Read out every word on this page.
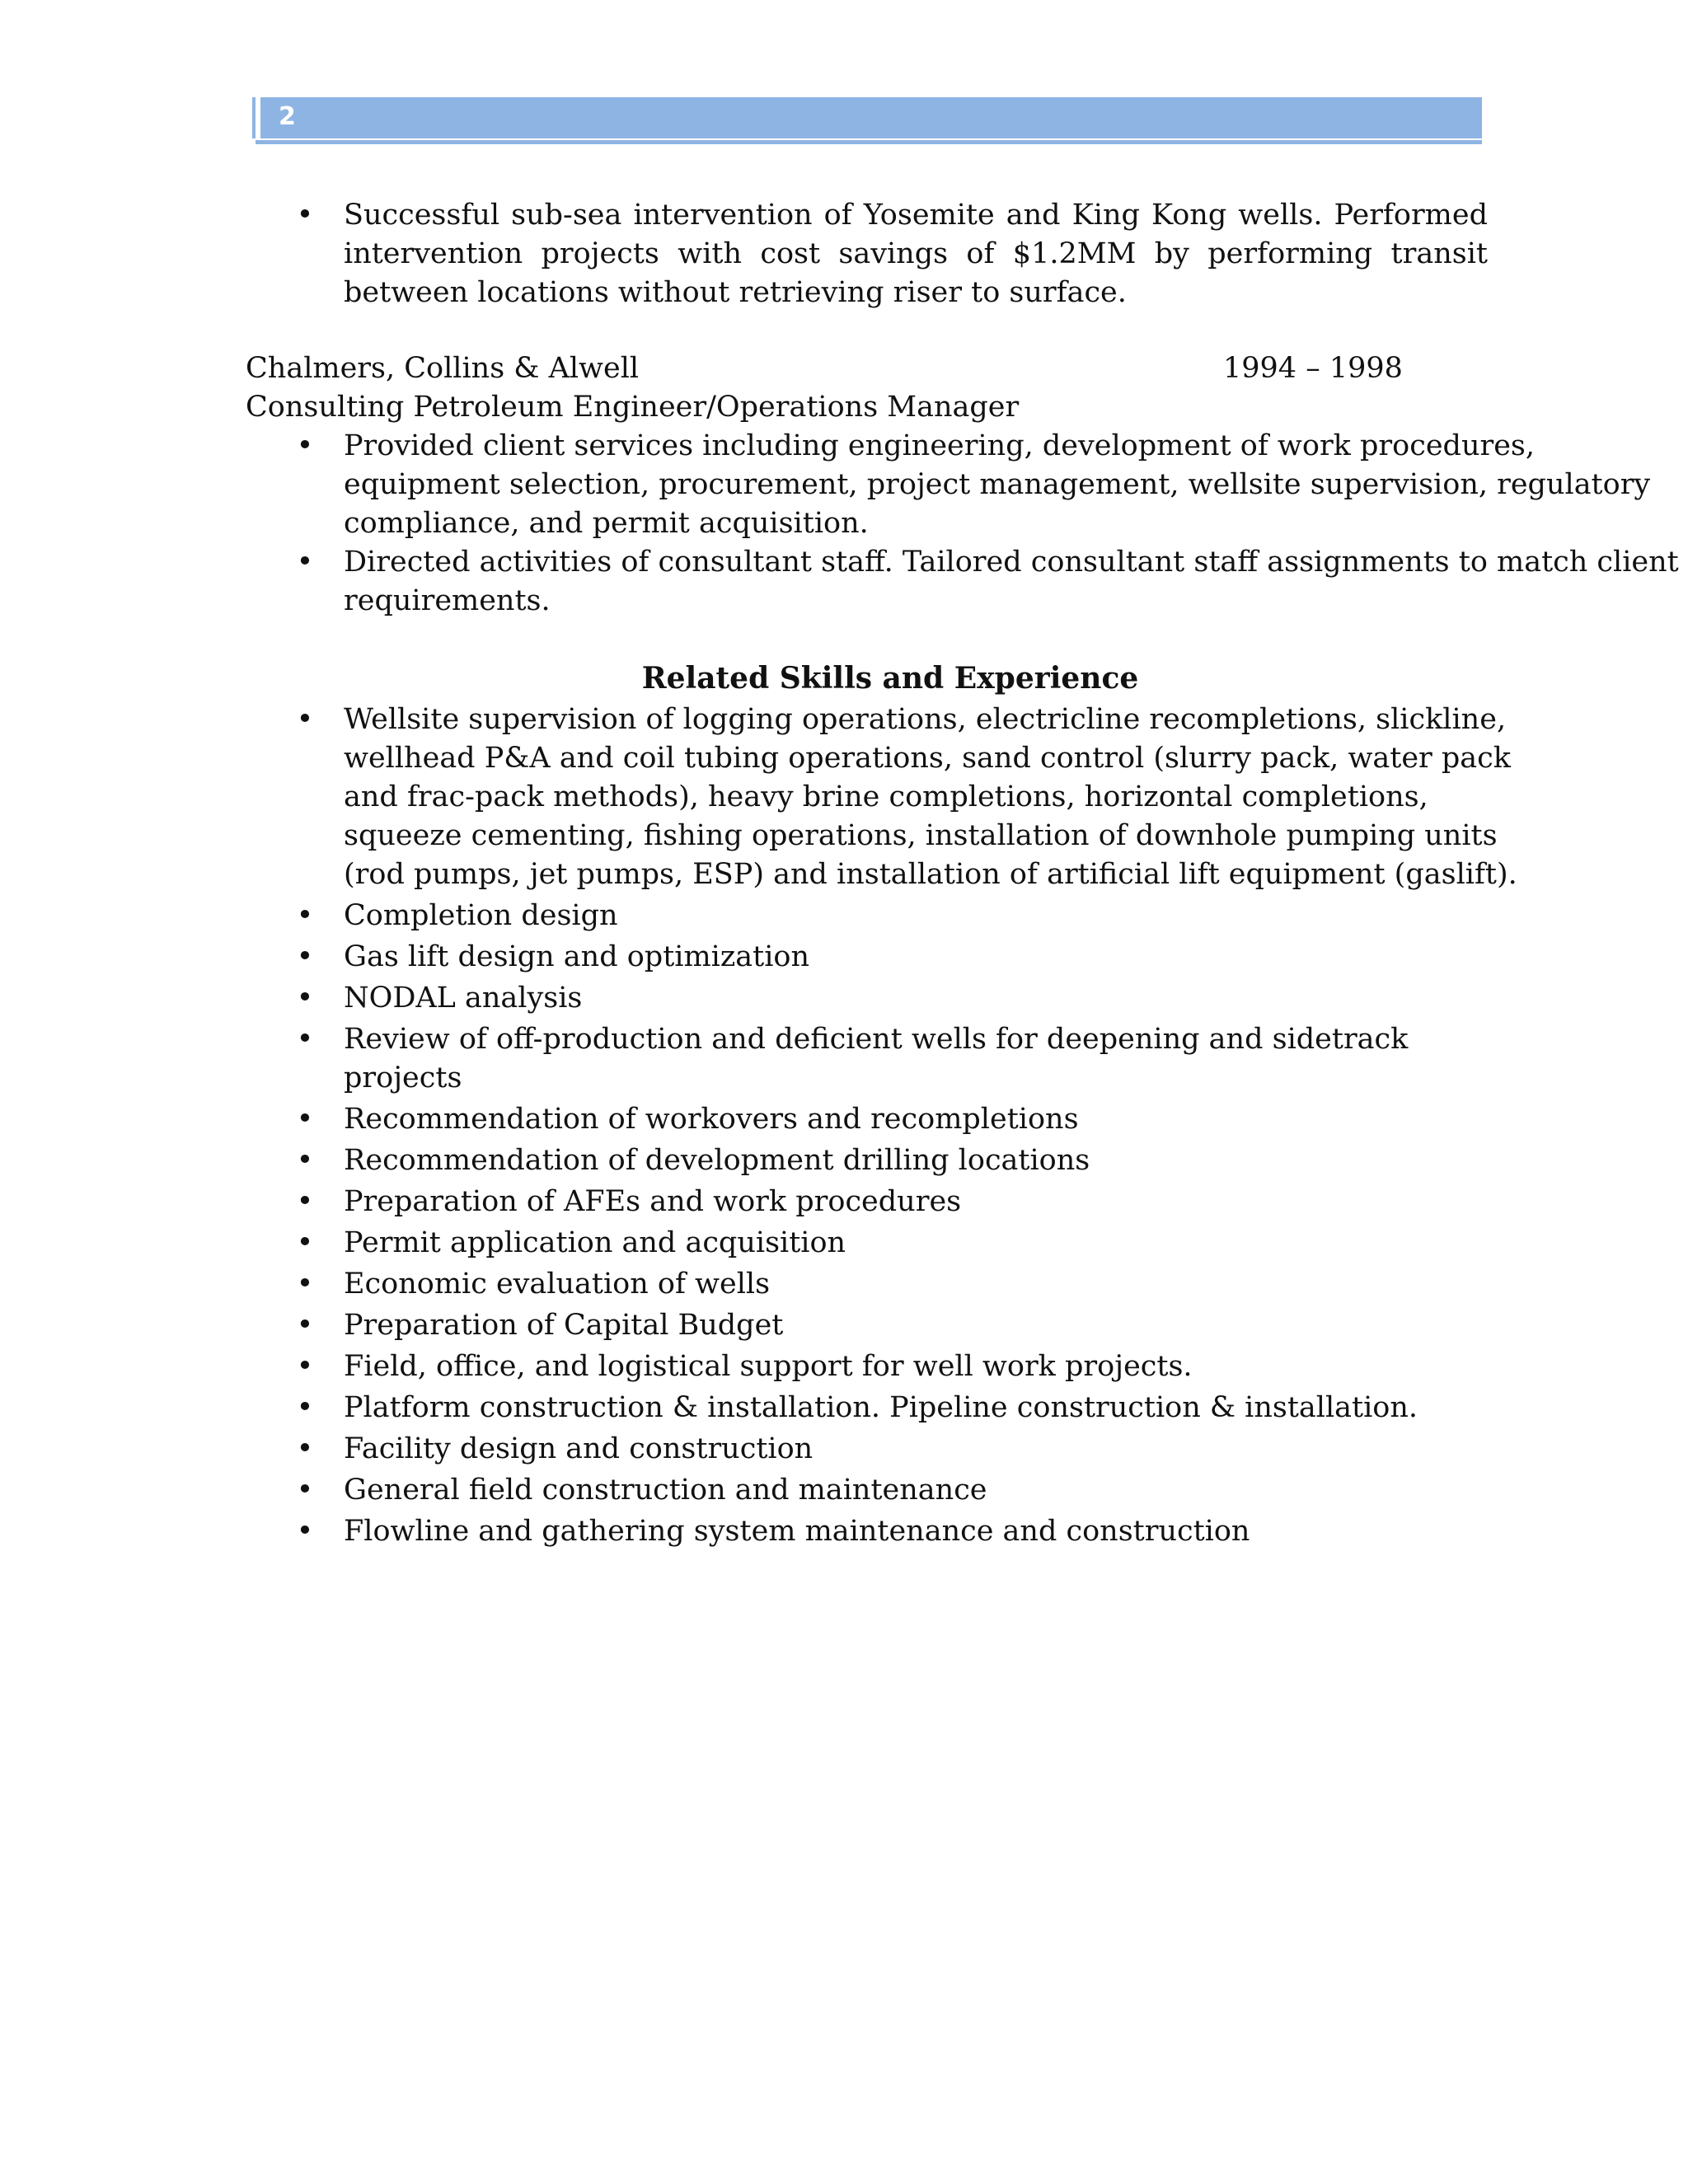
2
• Successful sub-sea intervention of Yosemite and King Kong wells. Performed
intervention projects with cost savings of $1.2MM by performing transit
between locations without retrieving riser to surface.
Chalmers, Collins & Alwell	1994 – 1998
Consulting Petroleum Engineer/Operations Manager
• Provided client services including engineering, development of work procedures,
equipment selection, procurement, project management, wellsite supervision, regulatory
compliance, and permit acquisition.
• Directed activities of consultant staff. Tailored consultant staff assignments to match client
requirements.
Related Skills and Experience
• Wellsite supervision of logging operations, electricline recompletions, slickline,
wellhead P&A and coil tubing operations, sand control (slurry pack, water pack
and frac-pack methods), heavy brine completions, horizontal completions,
squeeze cementing, fishing operations, installation of downhole pumping units
(rod pumps, jet pumps, ESP) and installation of artificial lift equipment (gaslift).
• Completion design
• Gas lift design and optimization
• NODAL analysis
• Review of off-production and deficient wells for deepening and sidetrack
projects
• Recommendation of workovers and recompletions
• Recommendation of development drilling locations
• Preparation of AFEs and work procedures
• Permit application and acquisition
• Economic evaluation of wells
• Preparation of Capital Budget
• Field, office, and logistical support for well work projects.
• Platform construction & installation. Pipeline construction & installation.
• Facility design and construction
• General field construction and maintenance
• Flowline and gathering system maintenance and construction
